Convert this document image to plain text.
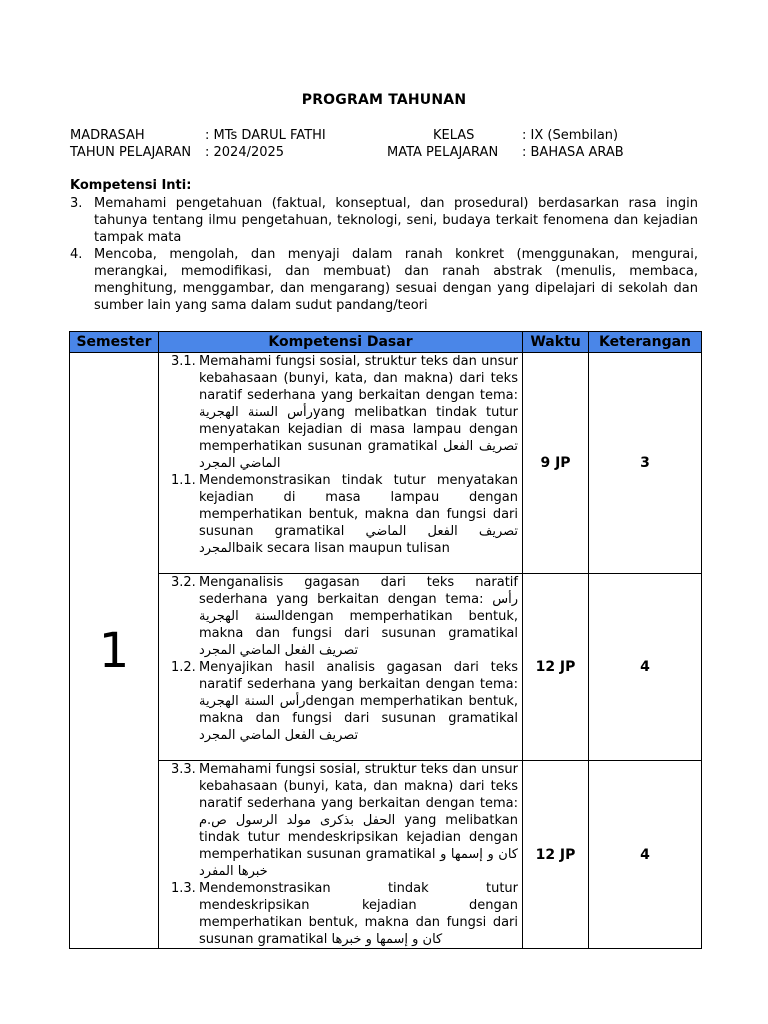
PROGRAM TAHUNAN
MADRASAH	: MTs DARUL FATHI	KELAS	: IX (Sembilan)
TAHUN PELAJARAN : 2024/2025	MATA PELAJARAN : BAHASA ARAB
Kompetensi Inti:
3. Memahami pengetahuan (faktual, konseptual, dan prosedural) berdasarkan rasa ingin tahunya tentang ilmu pengetahuan, teknologi, seni, budaya terkait fenomena dan kejadian tampak mata
4. Mencoba, mengolah, dan menyaji dalam ranah konkret (menggunakan, mengurai, merangkai, memodifikasi, dan membuat) dan ranah abstrak (menulis, membaca, menghitung, menggambar, dan mengarang) sesuai dengan yang dipelajari di sekolah dan sumber lain yang sama dalam sudut pandang/teori
Semester	Kompetensi Dasar	Waktu	Keterangan
1	3.1. Memahami fungsi sosial, struktur teks dan unsur kebahasaan (bunyi, kata, dan makna) dari teks naratif sederhana yang berkaitan dengan tema: رأس السنة الهجريةyang melibatkan tindak tutur menyatakan kejadian di masa lampau dengan memperhatikan susunan gramatikal تصريف الفعل الماضي المجرد
1.1. Mendemonstrasikan tindak tutur menyatakan kejadian di masa lampau dengan memperhatikan bentuk, makna dan fungsi dari susunan gramatikal تصريف الفعل الماضي المجردbaik secara lisan maupun tulisan	9 JP	3

	3.2. Menganalisis gagasan dari teks naratif sederhana yang berkaitan dengan tema: رأس السنة الهجريةdengan memperhatikan bentuk, makna dan fungsi dari susunan gramatikal تصريف الفعل الماضي المجرد
1.2. Menyajikan hasil analisis gagasan dari teks naratif sederhana yang berkaitan dengan tema: رأس السنة الهجريةdengan memperhatikan bentuk, makna dan fungsi dari susunan gramatikal تصريف الفعل الماضي المجرد	12 JP	4

	3.3. Memahami fungsi sosial, struktur teks dan unsur kebahasaan (bunyi, kata, dan makna) dari teks naratif sederhana yang berkaitan dengan tema: الحفل بذكرى مولد الرسول ص.م yang melibatkan tindak tutur mendeskripsikan kejadian dengan memperhatikan susunan gramatikal كان و إسمها و خبرها المفرد
1.3. Mendemonstrasikan tindak tutur mendeskripsikan kejadian dengan memperhatikan bentuk, makna dan fungsi dari susunan gramatikal كان و إسمها و خبرها	12 JP	4
